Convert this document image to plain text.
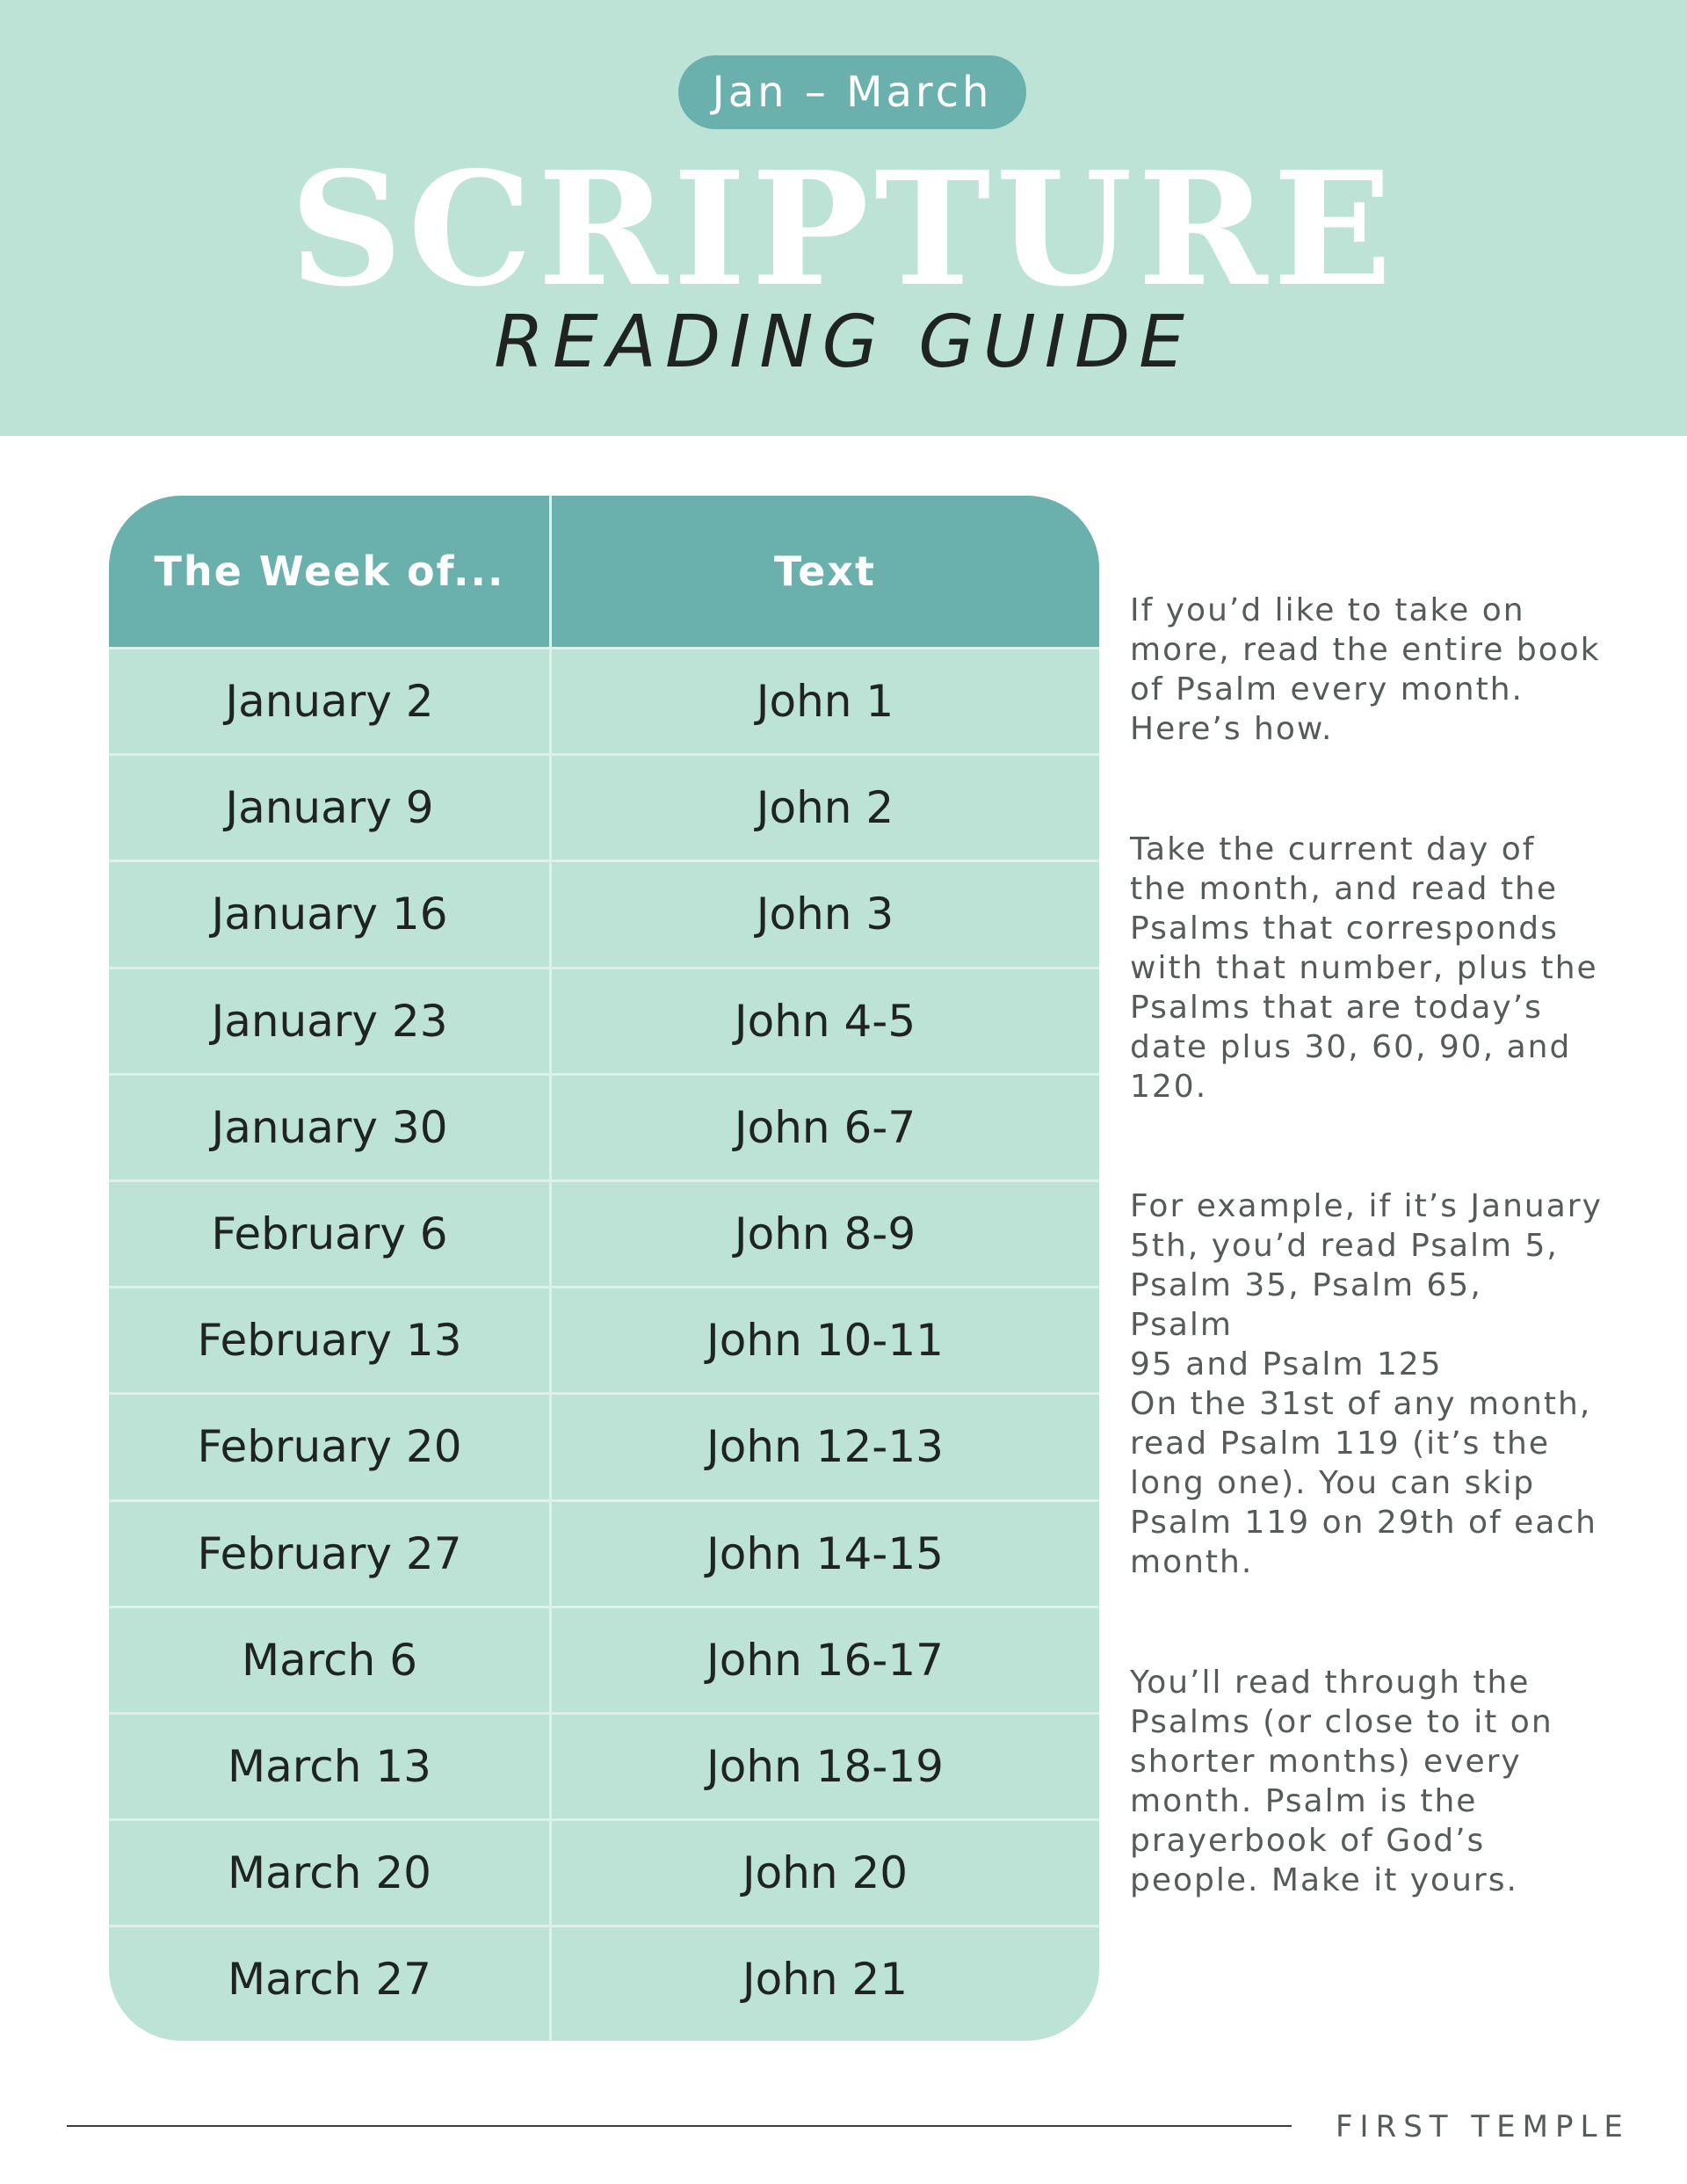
Jan – March
SCRIPTURE
READING GUIDE
The Week of...	Text
January 2	John 1
January 9	John 2
January 16	John 3
January 23	John 4-5
January 30	John 6-7
February 6	John 8-9
February 13	John 10-11
February 20	John 12-13
February 27	John 14-15
March 6	John 16-17
March 13	John 18-19
March 20	John 20
March 27	John 21

If you’d like to take on
more, read the entire book
of Psalm every month.
Here’s how.

Take the current day of
the month, and read the
Psalms that corresponds
with that number, plus the
Psalms that are today’s
date plus 30, 60, 90, and
120.

For example, if it’s January
5th, you’d read Psalm 5,
Psalm 35, Psalm 65,
Psalm
95 and Psalm 125
On the 31st of any month,
read Psalm 119 (it’s the
long one). You can skip
Psalm 119 on 29th of each
month.

You’ll read through the
Psalms (or close to it on
shorter months) every
month. Psalm is the
prayerbook of God’s
people. Make it yours.

FIRST TEMPLE
